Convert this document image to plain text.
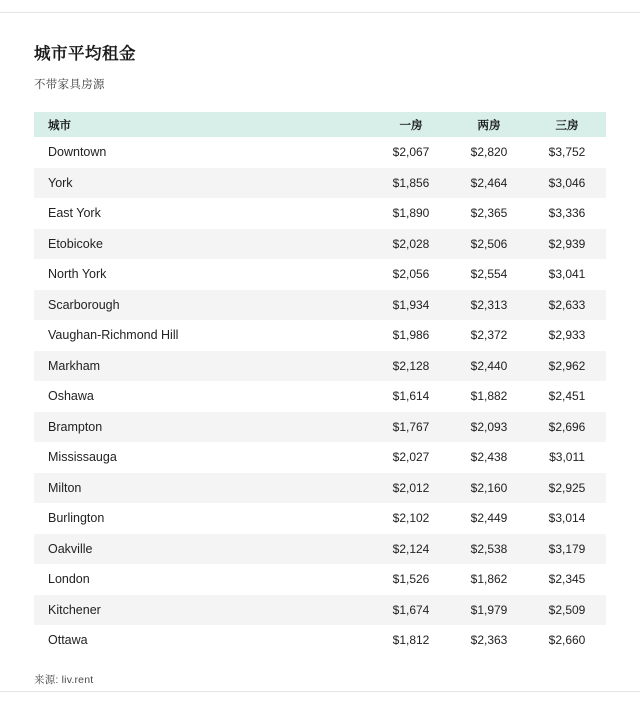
城市平均租金

不带家具房源

城市	一房	两房	三房
Downtown	$2,067	$2,820	$3,752
York	$1,856	$2,464	$3,046
East York	$1,890	$2,365	$3,336
Etobicoke	$2,028	$2,506	$2,939
North York	$2,056	$2,554	$3,041
Scarborough	$1,934	$2,313	$2,633
Vaughan-Richmond Hill	$1,986	$2,372	$2,933
Markham	$2,128	$2,440	$2,962
Oshawa	$1,614	$1,882	$2,451
Brampton	$1,767	$2,093	$2,696
Mississauga	$2,027	$2,438	$3,011
Milton	$2,012	$2,160	$2,925
Burlington	$2,102	$2,449	$3,014
Oakville	$2,124	$2,538	$3,179
London	$1,526	$1,862	$2,345
Kitchener	$1,674	$1,979	$2,509
Ottawa	$1,812	$2,363	$2,660
来源: liv.rent
